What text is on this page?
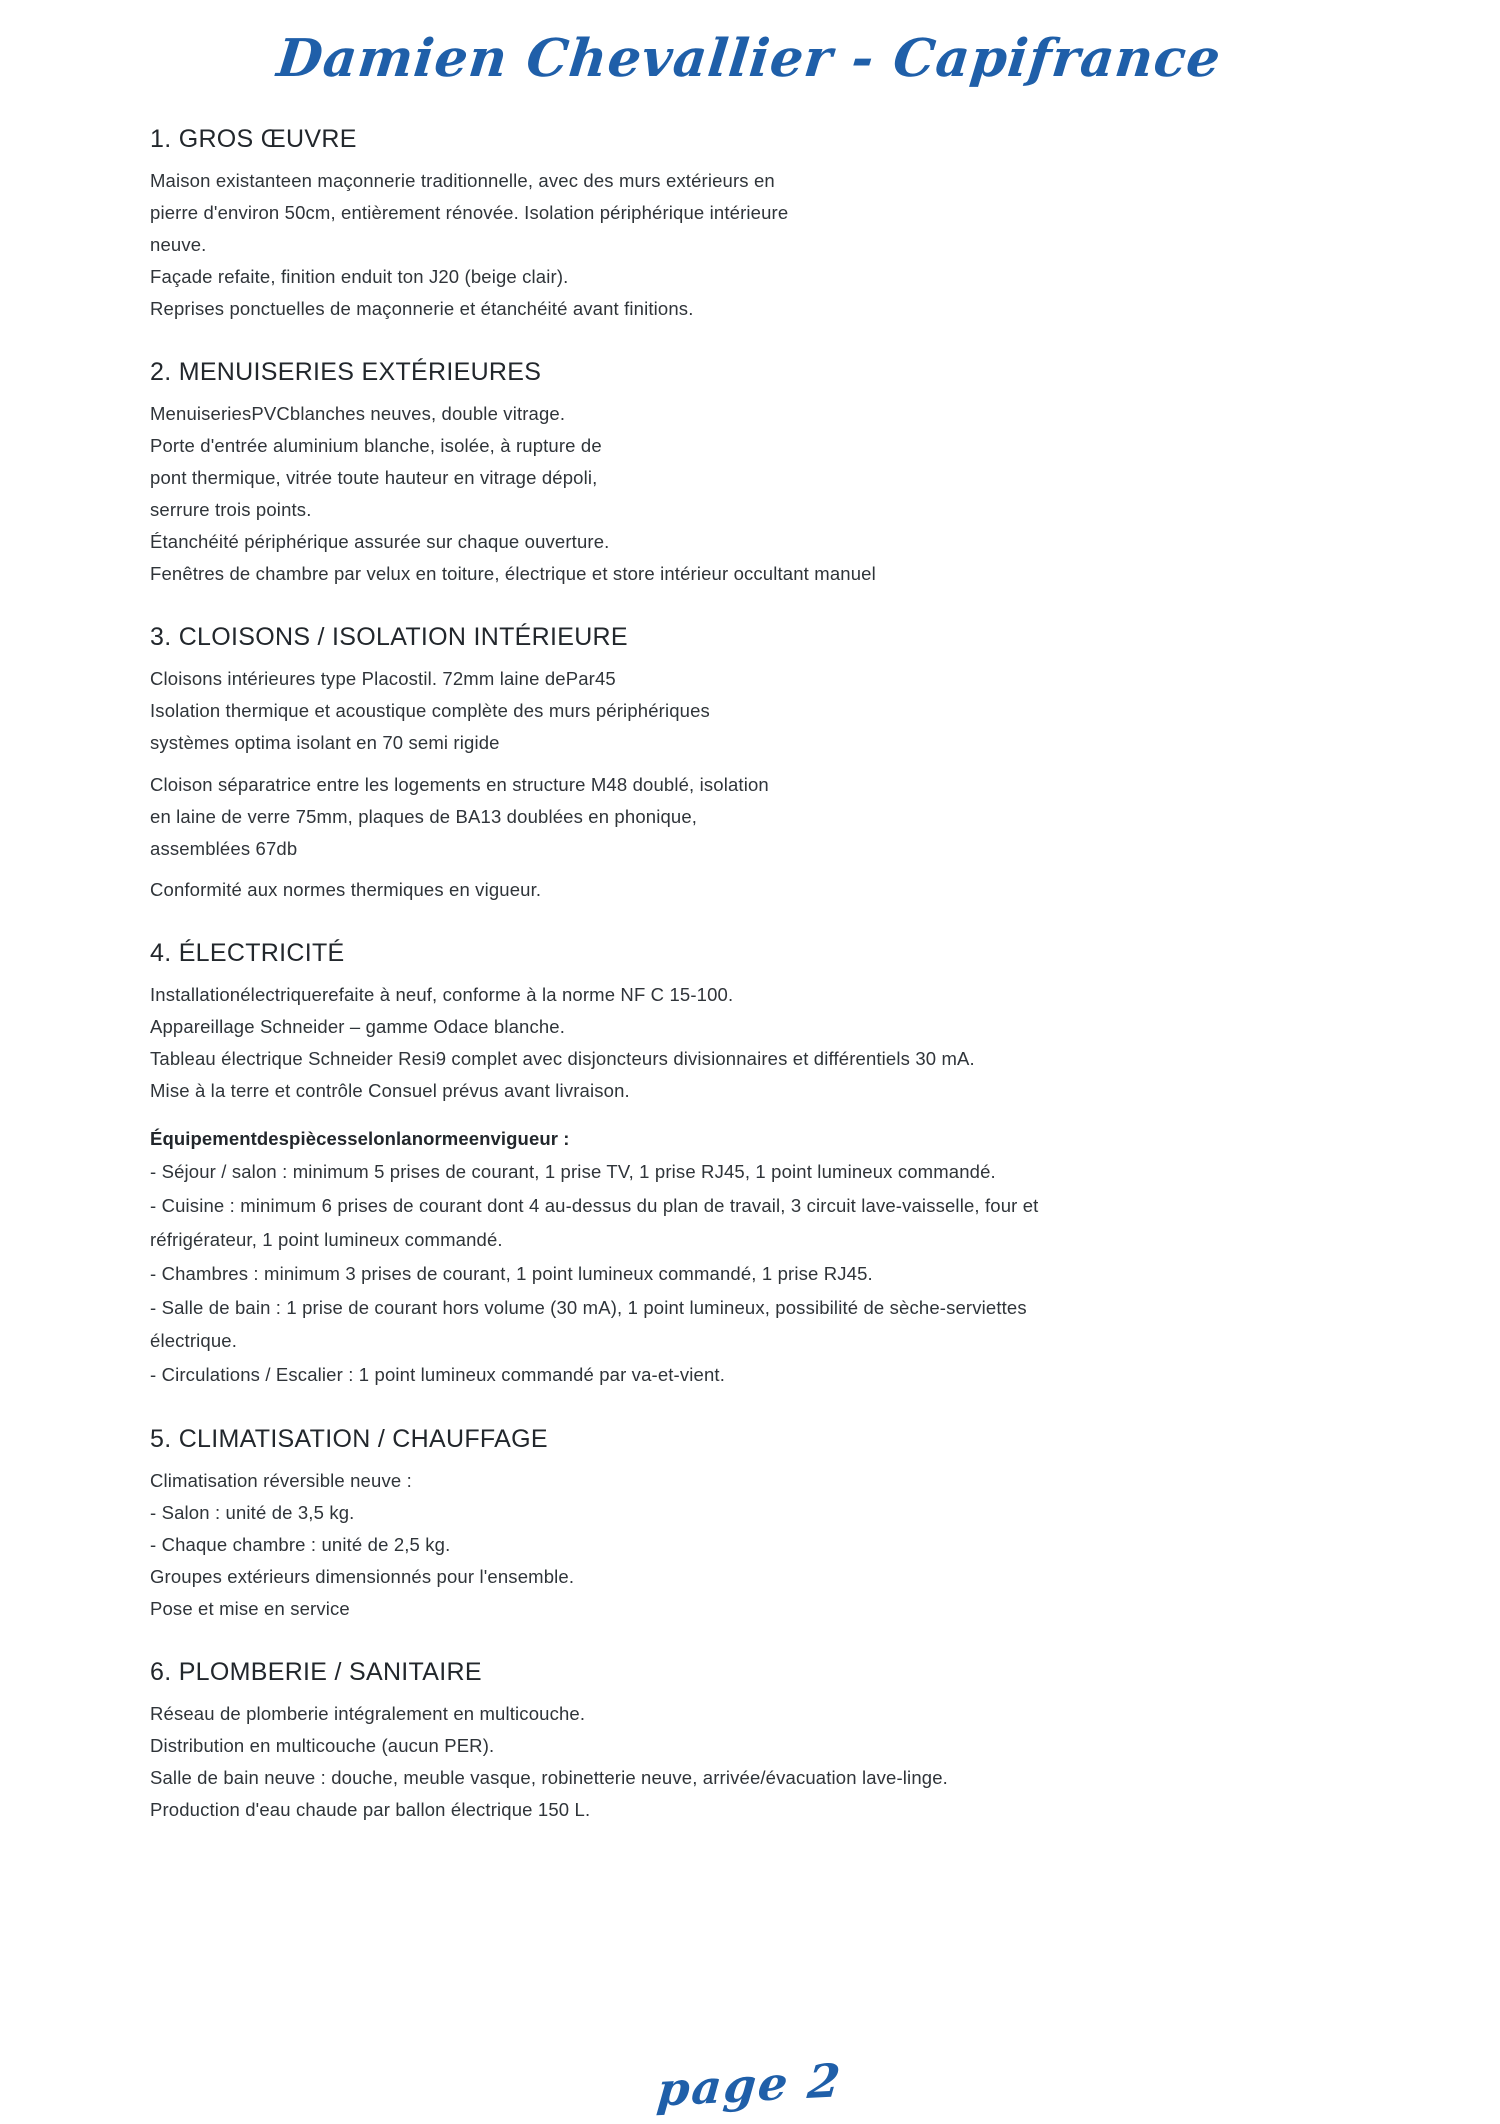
Damien Chevallier - Capifrance
1. GROS ŒUVRE

Maison existanteen maçonnerie traditionnelle, avec des murs extérieurs en

pierre d'environ 50cm, entièrement rénovée. Isolation périphérique intérieure

neuve.

Façade refaite, finition enduit ton J20 (beige clair).

Reprises ponctuelles de maçonnerie et étanchéité avant finitions.

2. MENUISERIES EXTÉRIEURES

MenuiseriesPVCblanches neuves, double vitrage.

Porte d'entrée aluminium blanche, isolée, à rupture de

pont thermique, vitrée toute hauteur en vitrage dépoli,

serrure trois points.

Étanchéité périphérique assurée sur chaque ouverture.

Fenêtres de chambre par velux en toiture, électrique et store intérieur occultant manuel

3. CLOISONS / ISOLATION INTÉRIEURE

Cloisons intérieures type Placostil. 72mm laine dePar45

Isolation thermique et acoustique complète des murs périphériques

systèmes optima isolant en 70 semi rigide

Cloison séparatrice entre les logements en structure M48 doublé, isolation

en laine de verre 75mm, plaques de BA13 doublées en phonique,

assemblées 67db

Conformité aux normes thermiques en vigueur.

4. ÉLECTRICITÉ

Installationélectriquerefaite à neuf, conforme à la norme NF C 15-100.

Appareillage Schneider – gamme Odace blanche.

Tableau électrique Schneider Resi9 complet avec disjoncteurs divisionnaires et différentiels 30 mA.

Mise à la terre et contrôle Consuel prévus avant livraison.

Équipementdespiècesselonlanormeenvigueur :

- Séjour / salon : minimum 5 prises de courant, 1 prise TV, 1 prise RJ45, 1 point lumineux commandé.

- Cuisine : minimum 6 prises de courant dont 4 au-dessus du plan de travail, 3 circuit lave-vaisselle, four et

réfrigérateur, 1 point lumineux commandé.

- Chambres : minimum 3 prises de courant, 1 point lumineux commandé, 1 prise RJ45.

- Salle de bain : 1 prise de courant hors volume (30 mA), 1 point lumineux, possibilité de sèche-serviettes

électrique.

- Circulations / Escalier : 1 point lumineux commandé par va-et-vient.

5. CLIMATISATION / CHAUFFAGE

Climatisation réversible neuve :

- Salon : unité de 3,5 kg.

- Chaque chambre : unité de 2,5 kg.

Groupes extérieurs dimensionnés pour l'ensemble.

Pose et mise en service

6. PLOMBERIE / SANITAIRE

Réseau de plomberie intégralement en multicouche.

Distribution en multicouche (aucun PER).

Salle de bain neuve : douche, meuble vasque, robinetterie neuve, arrivée/évacuation lave-linge.

Production d'eau chaude par ballon électrique 150 L.

page 2
